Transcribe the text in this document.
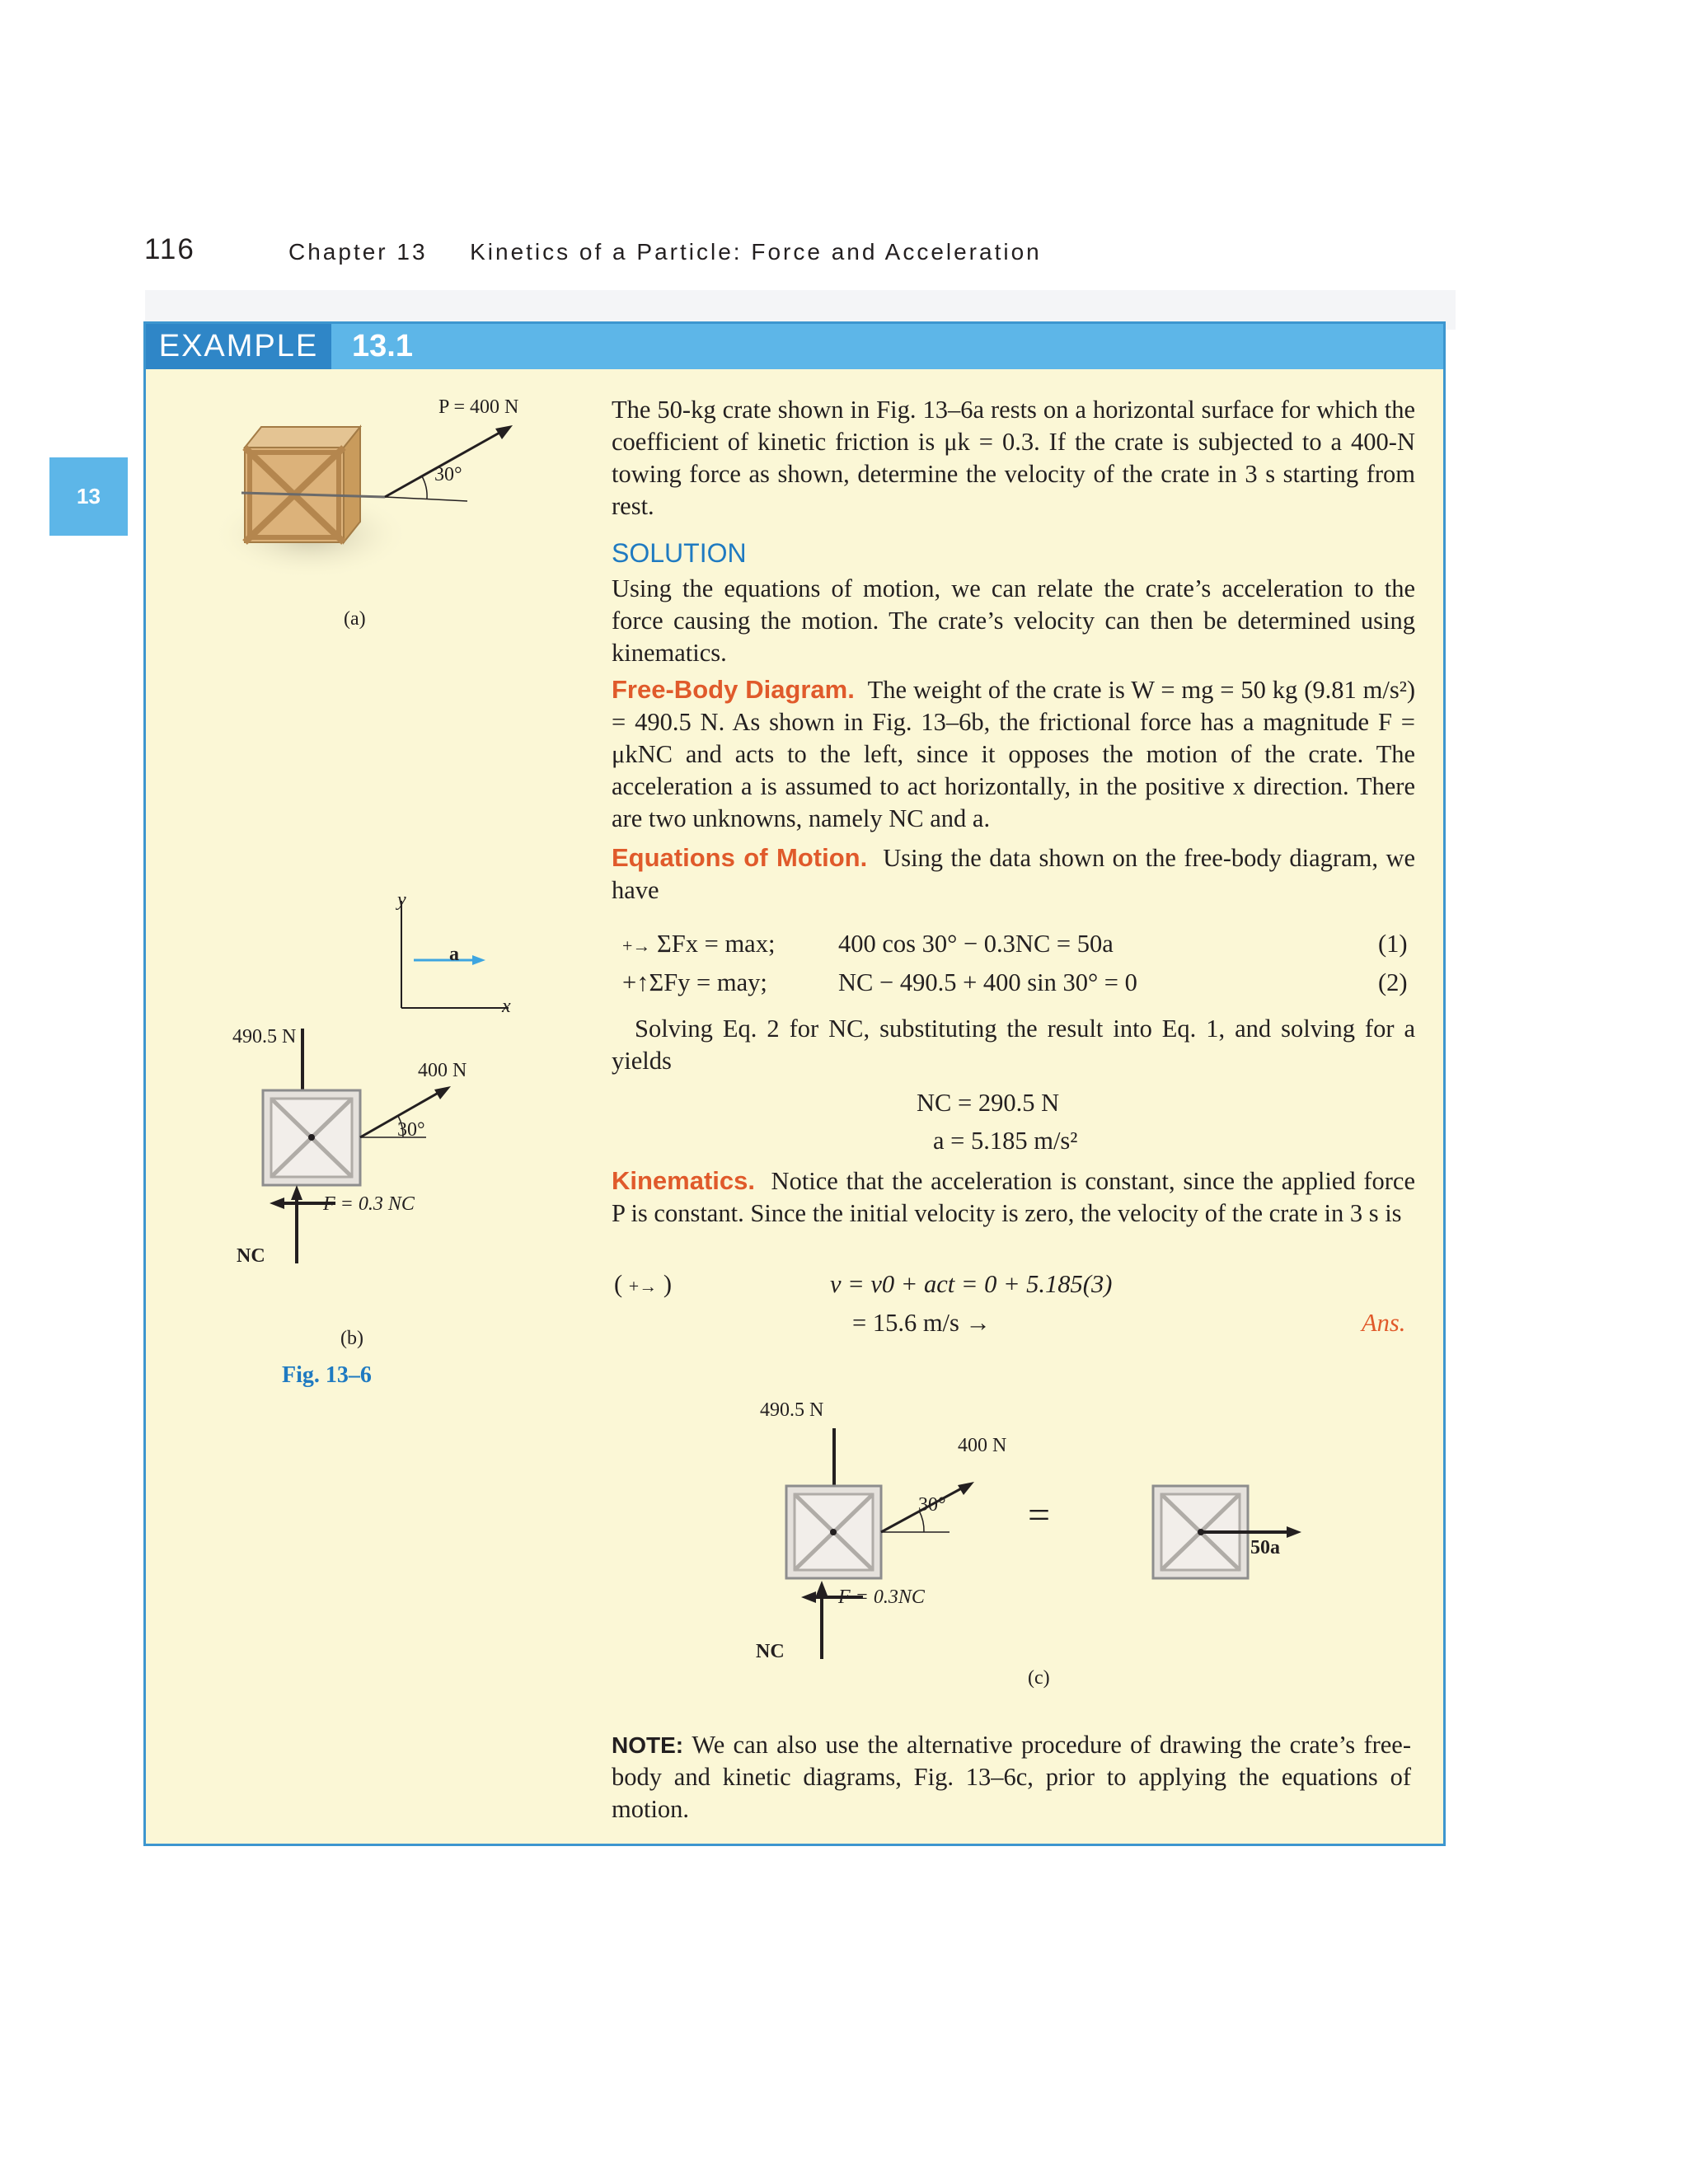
116	Chapter 13 Kinetics of a Particle: Force and Acceleration
13
EXAMPLE	13.1
P = 400 N
30°
(a)
y
x
a
490.5 N
400 N
30°
F = 0.3 NC
NC
(b)
Fig. 13–6

The 50-kg crate shown in Fig. 13–6a rests on a horizontal surface for which the coefficient of kinetic friction is μk = 0.3. If the crate is subjected to a 400-N towing force as shown, determine the velocity of the crate in 3 s starting from rest.

SOLUTION

Using the equations of motion, we can relate the crate’s acceleration to the force causing the motion. The crate’s velocity can then be determined using kinematics.

Free-Body Diagram. The weight of the crate is W = mg = 50 kg (9.81 m/s²) = 490.5 N. As shown in Fig. 13–6b, the frictional force has a magnitude F = μkNC and acts to the left, since it opposes the motion of the crate. The acceleration a is assumed to act horizontally, in the positive x direction. There are two unknowns, namely NC and a.

Equations of Motion. Using the data shown on the free-body diagram, we have

+→ ΣFx = max;	400 cos 30° − 0.3NC = 50a	(1)
+↑ΣFy = may;	NC − 490.5 + 400 sin 30° = 0	(2)

Solving Eq. 2 for NC, substituting the result into Eq. 1, and solving for a yields

NC = 290.5 N
a = 5.185 m/s²

Kinematics. Notice that the acceleration is constant, since the applied force P is constant. Since the initial velocity is zero, the velocity of the crate in 3 s is

( +→ )	v = v0 + act = 0 + 5.185(3)
= 15.6 m/s →	Ans.
490.5 N
400 N
30°
F = 0.3NC
NC
=
50a
(c)

NOTE: We can also use the alternative procedure of drawing the crate’s free-body and kinetic diagrams, Fig. 13–6c, prior to applying the equations of motion.
